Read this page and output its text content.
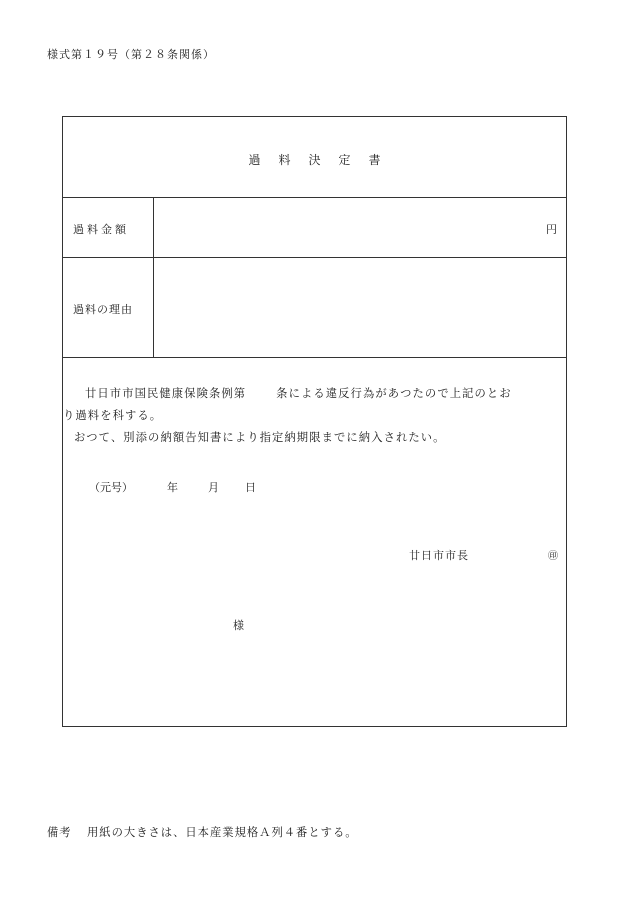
様式第１９号（第２８条関係）
過料決定書
過料金額	円
過料の理由
廿日市市国民健康保険条例第	条による違反行為があつたので上記のとお
り過料を科する。
おつて、別添の納額告知書により指定納期限までに納入されたい。
（元号）	年	月 日
廿日市市長	㊞
様
備考 用紙の大きさは、日本産業規格Ａ列４番とする。
